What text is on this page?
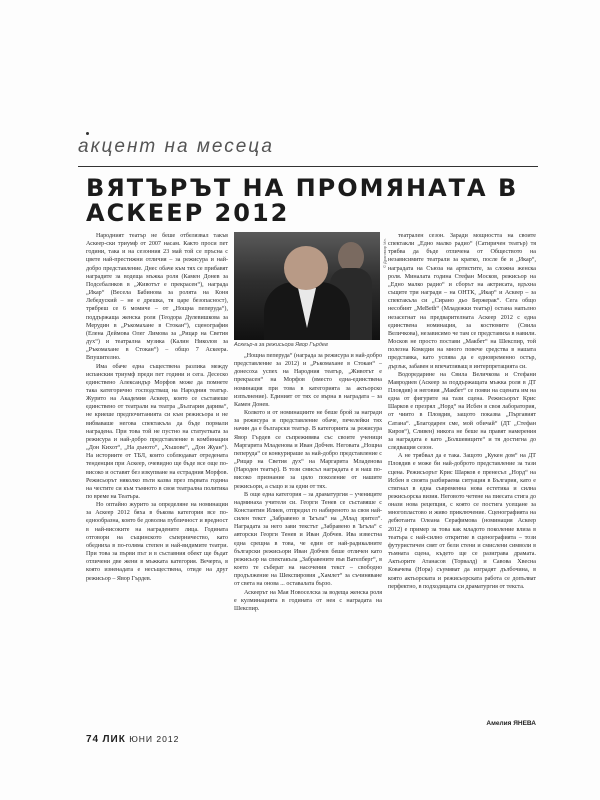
акцент на месеца
ВЯТЪРЪТ НА ПРОМЯНАТА В АСКЕЕР 2012

Народният театър не беше отбелязвал такъв Аскеер-ски триумф от 2007 насам. Както проси пет години, така и на сезонния 23 май той се пръсна с цвете най-престижни отличия – за режисура и най-добро представление. Днес обаче към тях се прибавят наградите за водеща мъжка роля (Камен Донев за Подсебалнков в „Животът е прекрасен“), награда „Икар“ (Весела Бабинова за ролята на Коня Лебедуский – не е дрешка, тя царе безопасност), трябреш се 6 момиче – от „Нощна пеперуда“), поддържаща женска роля (Теодора Дулевишкова за Мерудин в „Ръкомахане в Стокан“), сценография (Елена Деймова Олег Лимова за „Рицар на Светия дух“) и театрална музика (Калин Николов за „Ръкомахане в Стокан“) – общо 7 Аскеера. Впушително.

Има обаче една съществена разлика между испанския триумф преди пет години и сега. Десеcко единствено Александър Морфов може да помнете така категорично господстващ на Народния театър. Журито на Академия Аскеер, която се съставеше единствено от театрали на театра „България дарива“, не криеше предпочитанията си към режисьора и не вибваваше негова спектакъла да бъде пормали наградена. При това той не пустно на статуетката за режисура и най-добро представление в комбинация „Дон Кихот“, „На дъното“, „Хъшове“, „Дон Жуан“). На историите от ТБЛ, които соблюдават отредената тенденция при Аскеер, очевидно ще бъде все още по-високо и оставят без изкупване на естрадния Морфов. Режисьорът няколко пъти казва през първата година на честите си към тъмното в своя театрална политика по време на Театъра.

Но оптайно журито за определяне на номинации за Аскеер 2012 бяха в бъкова категория все по-еднообразна, която бе доволна публичност и вредност в най-високите на наградените лица. Годината отговори на същинското съперничество, като обедниха в по-голяма степен и най-видимите театри. При това за първи път и в съставния обект ще бъдат отличени две жени в мъжката категория. Вечерта, в която изненадата е несъществена, отиде на друг режисьор – Явор Гърдев.

© Драгомир Мл.
Аскеър-а за режисьора Явор Гърдев

„Нощна пеперуда“ (награда за режисура и най-добро представление за 2012) и „Ръкомахане в Стокан“ – донесоха успех на Народния театър, „Животът е прекрасен“ на Морфов (вместо една-единствена номинация при това в категорията за актьорско изпълнение). Единият от тях се върна в наградата – за Камен Донев.

Колкото и от номинациите не беше брой за награди за режисура и представление обаче, печелейки тях начин да е български театър. В категорията за режисура Явор Гърдев се съпреживява със своите ученици Маргарита Младенова и Иван Добчев. Неговата „Нощна пеперуда“ се конкурираше за най-добро представление с „Рицар на Светия дух“ на Маргарита Младенова (Народен театър). В този смисъл наградата е и наш по-високо признание за цяло поколение от нашите режисьори, а също и за едни от тях.

В още една категория – за драматургия – учениците надминаха учителя си. Георги Тенев се съставяше с Константин Илиев, отпредил го набиреното за своя най-силен текст „Забравено в Ъгъла“ на „Млад зрител“. Наградата за него зави текстът „Забравено в Ъгъла“ с авторски Георги Тенев и Иван Добчев. Ива известна една срещна в това, че един от най-радикалните български режисьори Иван Добчев беше отличен като режисьор на спектакъла „Забравените във Вателберг“, в което те съберат на насочения текст – свободно продължение на Шекспировия „Хамлет“ за съчиняване от света на онова ... оставалата бързо.

Аскеерът на Мая Новоселска за водеща женска роля е кулминацията в годината от нея с наградата на Шекспир.

театрален сезон. Заради мощността на своите спектакли „Едно малко радио“ (Сатиричен театър) тя трябва да бъде отличена от Обществото на независимите театрали за кратко, после бе и „Икар“, наградата на Съюза на артистите, за сложна женска роля. Миналата година Стефан Москов, режисьор на „Едно малко радио“ и сборът на актрисата, вдъхна същите три награди – на ОНТК, „Икар“ и Аскеер – за спектакъла си „Сирано дьо Бержерак“. Сега общо несобият „MeBeth“ (Младежки театър) остана напълно незасегнат на предварителната Аскеер 2012 с една единствена номинация, за костюмите (Свила Величкова), независимо че там се представиха в навили. Москов не просто постави „Макбет“ на Шекспир, той полезна Комедия на много повече средства в нашата представка, като успява да е едновременно остър, дързък, забавен и впечатляващ в интерпретацията си.

Водоредарине на Свила Величкова и Стефани Мавродиев (Аскеер за поддържащата мъжка роля в ДТ Пловдив) и неговия „Макбет“ се появи на сцената им на една от фигурите на тази сцена. Режисьорът Крис Шарков е презрял „Норд“ на Исбен в своя лаборатория, от чиито в Пловдив, защото показва „Пъргавият Сатана“. „Благодарен сме, мой обичай“ (ДТ „Стефан Киров“), Сливен) никога не беше на правят намерения за наградата е като „Болшевиците“ и тя достигна до следващия сезон.

А не трябвал да е така. Защото „Кукен дом“ на ДТ Пловдив е може би най-доброто представление за тази сцена. Режисьорът Крис Шарков е пренесъл „Норд“ на Исбен в своята разбираема ситуация в България, като е стигнал в една съвременна нова естетика и силна режисьорска визия. Неговото четене на пиесата стига до онази нова рецепция, с която се постига усещане за многопластово и живо приключение. Сценографията на дебютанта Олеана Серафимова (номинация Аскеер 2012) е пример за това как младото поколение влиза в театъра с най-силно откритие в сценографията – този футуристичен свят от бели стени и смислени символи в тъмната сцена, където ще се разиграва драмата. Актьорите Атанасов (Торвалд) и Савова Хвесна Ковачева (Нора) съумяват да изградят дълбочина, в която актьорската и режисьорската работа се допълват перфектно, в подходящата си драматургия от текста.

Амелия ЯНЕВА
74 ЛИК ЮНИ 2012
